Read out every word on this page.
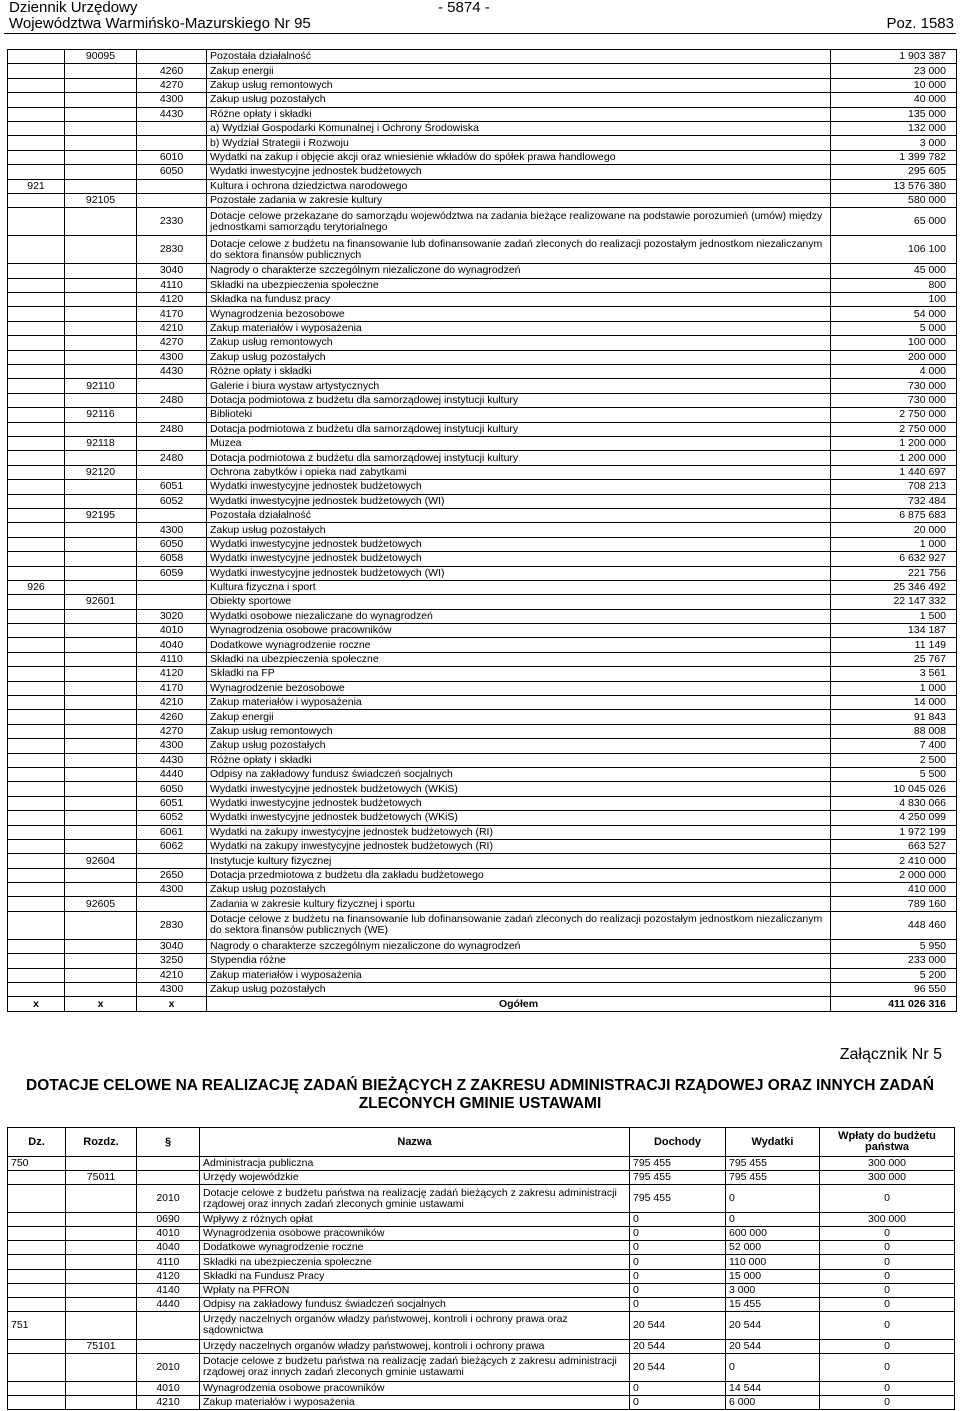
Dziennik Urzędowy
Województwa Warmińsko-Mazurskiego Nr 95
- 5874 -
Poz. 1583
	90095		Pozostała działalność	1 903 387
		4260	Zakup energii	23 000
		4270	Zakup usług remontowych	10 000
		4300	Zakup usług pozostałych	40 000
		4430	Różne opłaty i składki	135 000
			a) Wydział Gospodarki Komunalnej i Ochrony Środowiska	132 000
			b) Wydział Strategii i Rozwoju	3 000
		6010	Wydatki na zakup i objęcie akcji oraz wniesienie wkładów do spółek prawa handlowego	1 399 782
		6050	Wydatki inwestycyjne jednostek budżetowych	295 605
921			Kultura i ochrona dziedzictwa narodowego	13 576 380
	92105		Pozostałe zadania w zakresie kultury	580 000
		2330	Dotacje celowe przekazane do samorządu województwa na zadania bieżące realizowane na podstawie porozumień (umów) między jednostkami samorządu terytorialnego	65 000
		2830	Dotacje celowe z budżetu na finansowanie lub dofinansowanie zadań zleconych do realizacji pozostałym jednostkom niezaliczanym do sektora finansów publicznych	106 100
		3040	Nagrody o charakterze szczególnym niezaliczone do wynagrodzeń	45 000
		4110	Składki na ubezpieczenia społeczne	800
		4120	Składka na fundusz pracy	100
		4170	Wynagrodzenia bezosobowe	54 000
		4210	Zakup materiałów i wyposażenia	5 000
		4270	Zakup usług remontowych	100 000
		4300	Zakup usług pozostałych	200 000
		4430	Różne opłaty i składki	4 000
	92110		Galerie i biura wystaw artystycznych	730 000
		2480	Dotacja podmiotowa z budżetu dla samorządowej instytucji kultury	730 000
	92116		Biblioteki	2 750 000
		2480	Dotacja podmiotowa z budżetu dla samorządowej instytucji kultury	2 750 000
	92118		Muzea	1 200 000
		2480	Dotacja podmiotowa z budżetu dla samorządowej instytucji kultury	1 200 000
	92120		Ochrona zabytków i opieka nad zabytkami	1 440 697
		6051	Wydatki inwestycyjne jednostek budżetowych	708 213
		6052	Wydatki inwestycyjne jednostek budżetowych (WI)	732 484
	92195		Pozostała działalność	6 875 683
		4300	Zakup usług pozostałych	20 000
		6050	Wydatki inwestycyjne jednostek budżetowych	1 000
		6058	Wydatki inwestycyjne jednostek budżetowych	6 632 927
		6059	Wydatki inwestycyjne jednostek budżetowych (WI)	221 756
926			Kultura fizyczna i sport	25 346 492
	92601		Obiekty sportowe	22 147 332
		3020	Wydatki osobowe niezaliczane do wynagrodzeń	1 500
		4010	Wynagrodzenia osobowe pracowników	134 187
		4040	Dodatkowe wynagrodzenie roczne	11 149
		4110	Składki na ubezpieczenia społeczne	25 767
		4120	Składki na FP	3 561
		4170	Wynagrodzenie bezosobowe	1 000
		4210	Zakup materiałów i wyposażenia	14 000
		4260	Zakup energii	91 843
		4270	Zakup usług remontowych	88 008
		4300	Zakup usług pozostałych	7 400
		4430	Różne opłaty i składki	2 500
		4440	Odpisy na zakładowy fundusz świadczeń socjalnych	5 500
		6050	Wydatki inwestycyjne jednostek budżetowych (WKiS)	10 045 026
		6051	Wydatki inwestycyjne jednostek budżetowych	4 830 066
		6052	Wydatki inwestycyjne jednostek budżetowych (WKiS)	4 250 099
		6061	Wydatki na zakupy inwestycyjne jednostek budżetowych (RI)	1 972 199
		6062	Wydatki na zakupy inwestycyjne jednostek budżetowych (RI)	663 527
	92604		Instytucje kultury fizycznej	2 410 000
		2650	Dotacja przedmiotowa z budżetu dla zakładu budżetowego	2 000 000
		4300	Zakup usług pozostałych	410 000
	92605		Zadania w zakresie kultury fizycznej i sportu	789 160
		2830	Dotacje celowe z budżetu na finansowanie lub dofinansowanie zadań zleconych do realizacji pozostałym jednostkom niezaliczanym do sektora finansów publicznych (WE)	448 460
		3040	Nagrody o charakterze szczególnym niezaliczone do wynagrodzeń	5 950
		3250	Stypendia różne	233 000
		4210	Zakup materiałów i wyposażenia	5 200
		4300	Zakup usług pozostałych	96 550
x	x	x	Ogółem	411 026 316
Załącznik Nr 5
DOTACJE CELOWE NA REALIZACJĘ ZADAŃ BIEŻĄCYCH Z ZAKRESU ADMINISTRACJI RZĄDOWEJ ORAZ INNYCH ZADAŃ ZLECONYCH GMINIE USTAWAMI
Dz.	Rozdz.	§	Nazwa	Dochody	Wydatki	Wpłaty do budżetu państwa
750			Administracja publiczna	795 455	795 455	300 000
	75011		Urzędy wojewódzkie	795 455	795 455	300 000
		2010	Dotacje celowe z budżetu państwa na realizację zadań bieżących z zakresu administracji rządowej oraz innych zadań zleconych gminie ustawami	795 455	0	0
		0690	Wpływy z różnych opłat	0	0	300 000
		4010	Wynagrodzenia osobowe pracowników	0	600 000	0
		4040	Dodatkowe wynagrodzenie roczne	0	52 000	0
		4110	Składki na ubezpieczenia społeczne	0	110 000	0
		4120	Składki na Fundusz Pracy	0	15 000	0
		4140	Wpłaty na PFRON	0	3 000	0
		4440	Odpisy na zakładowy fundusz świadczeń socjalnych	0	15 455	0
751			Urzędy naczelnych organów władzy państwowej, kontroli i ochrony prawa oraz sądownictwa	20 544	20 544	0
	75101		Urzędy naczelnych organów władzy państwowej, kontroli i ochrony prawa	20 544	20 544	0
		2010	Dotacje celowe z budżetu państwa na realizację zadań bieżących z zakresu administracji rządowej oraz innych zadań zleconych gminie ustawami	20 544	0	0
		4010	Wynagrodzenia osobowe pracowników	0	14 544	0
		4210	Zakup materiałów i wyposażenia	0	6 000	0
